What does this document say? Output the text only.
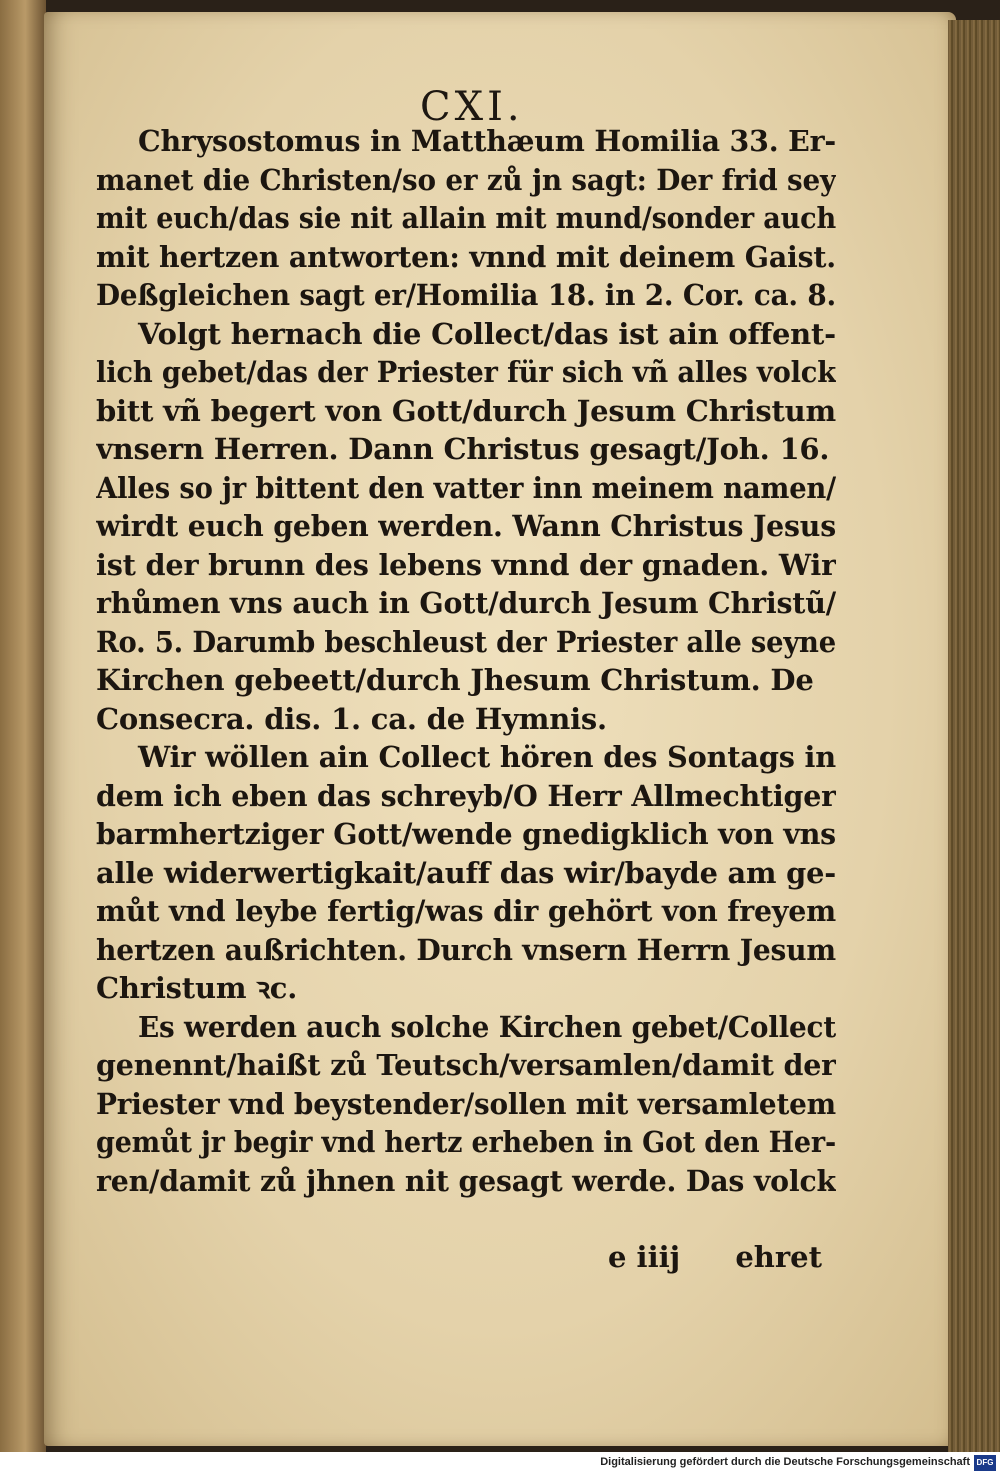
CXI.
Chrysostomus in Matthæum Homilia 33. Er-
manet die Christen/so er zů jn sagt: Der frid sey
mit euch/das sie nit allain mit mund/sonder auch
mit hertzen antworten: vnnd mit deinem Gaist.
Deßgleichen sagt er/Homilia 18. in 2. Cor. ca. 8.
Volgt hernach die Collect/das ist ain offent-
lich gebet/das der Priester für sich vñ alles volck
bitt vñ begert von Gott/durch Jesum Christum
vnsern Herren. Dann Christus gesagt/Joh. 16.
Alles so jr bittent den vatter inn meinem namen/
wirdt euch geben werden. Wann Christus Jesus
ist der brunn des lebens vnnd der gnaden. Wir
rhůmen vns auch in Gott/durch Jesum Christũ/
Ro. 5. Darumb beschleust der Priester alle seyne
Kirchen gebeett/durch Jhesum Christum. De
Consecra. dis. 1. ca. de Hymnis.
Wir wöllen ain Collect hören des Sontags in
dem ich eben das schreyb/O Herr Allmechtiger
barmhertziger Gott/wende gnedigklich von vns
alle widerwertigkait/auff das wir/bayde am ge-
můt vnd leybe fertig/was dir gehört von freyem
hertzen außrichten. Durch vnsern Herrn Jesum
Christum ꝛc.
Es werden auch solche Kirchen gebet/Collect
genennt/haißt zů Teutsch/versamlen/damit der
Priester vnd beystender/sollen mit versamletem
gemůt jr begir vnd hertz erheben in Got den Her-
ren/damit zů jhnen nit gesagt werde. Das volck
e iiij ehret
Digitalisierung gefördert durch die Deutsche Forschungsgemeinschaft DFG
